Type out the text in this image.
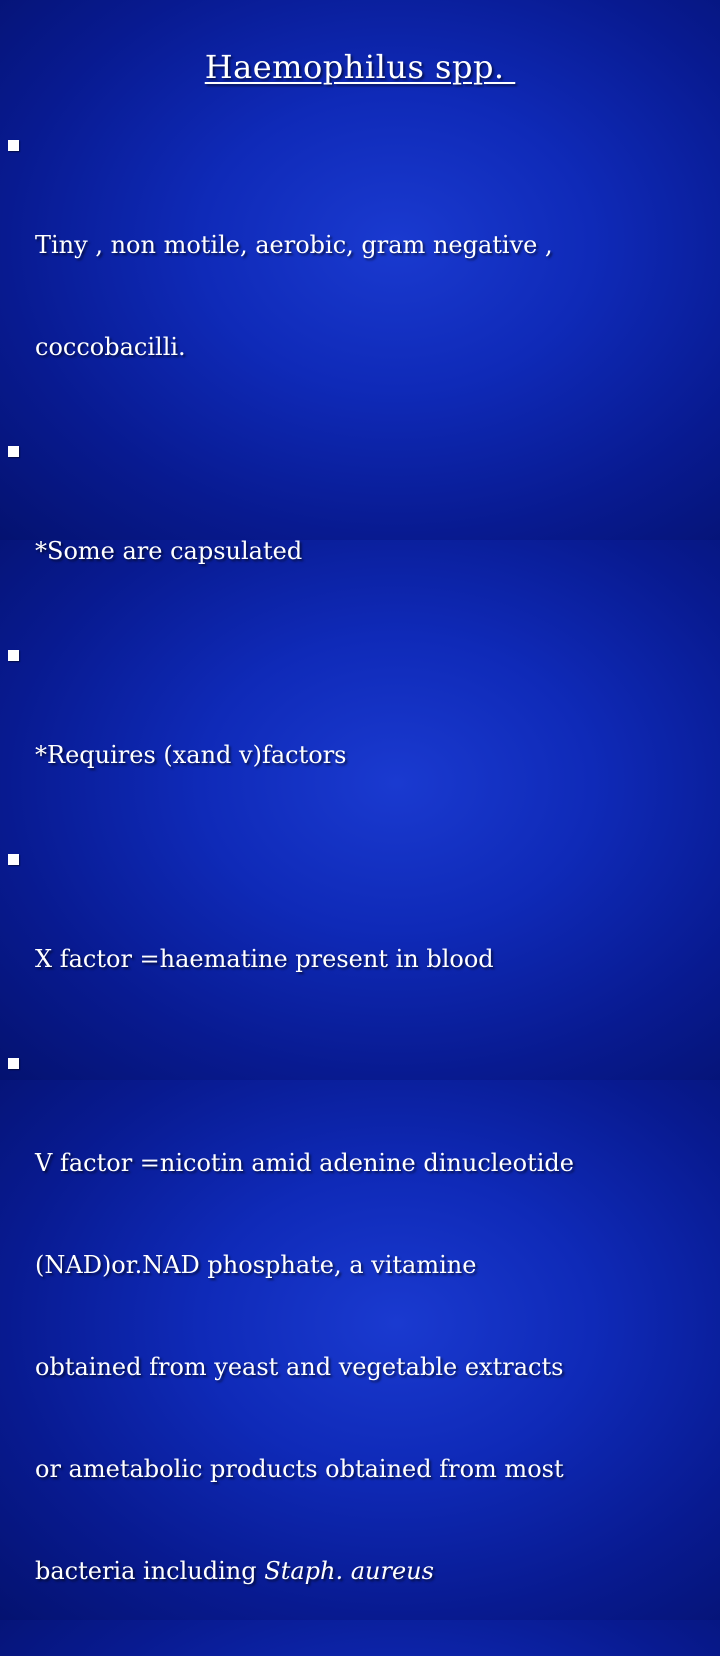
Haemophilus spp.

Tiny , non motile, aerobic, gram negative ,

coccobacilli.

*Some are capsulated

*Requires (xand v)factors

X factor =haematine present in blood

V factor =nicotin amid adenine dinucleotide

(NAD)or.NAD phosphate, a vitamine

obtained from yeast and vegetable extracts

or ametabolic products obtained from most

bacteria including Staph. aureus
